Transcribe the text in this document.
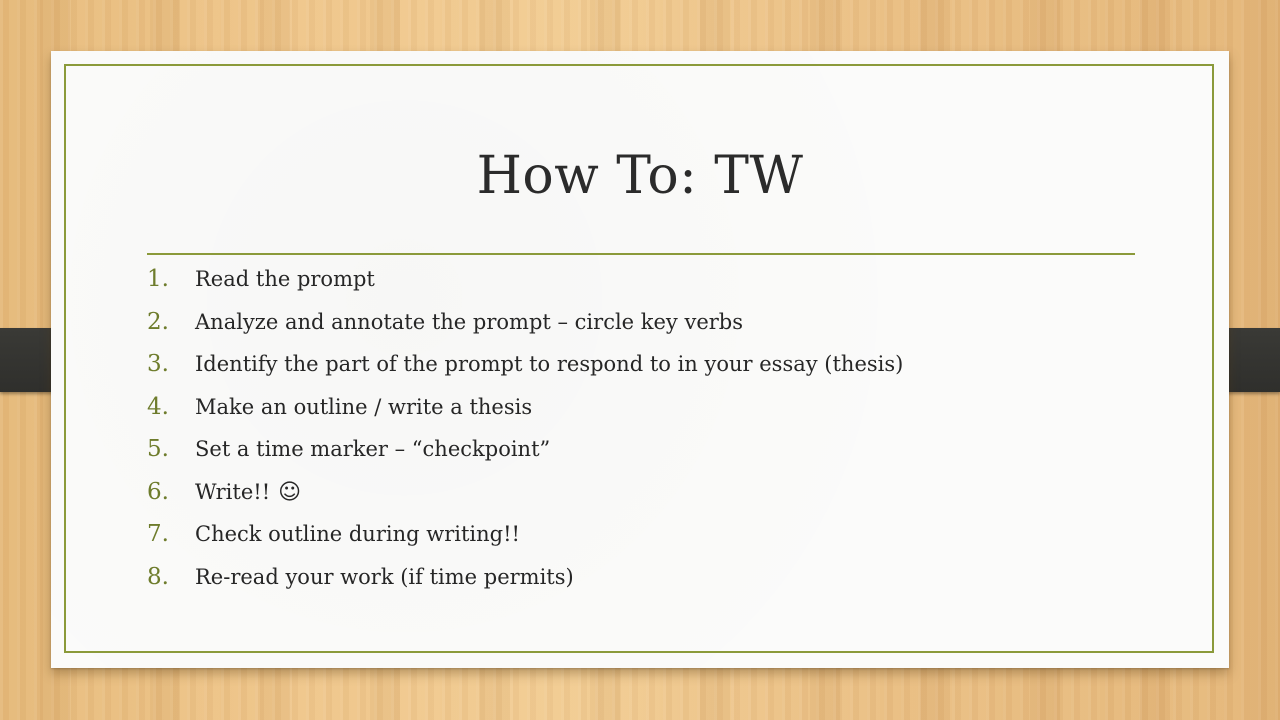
How To: TW
1.	Read the prompt
2.	Analyze and annotate the prompt – circle key verbs
3.	Identify the part of the prompt to respond to in your essay (thesis)
4.	Make an outline / write a thesis
5.	Set a time marker – “checkpoint”
6.	Write!! ☺
7.	Check outline during writing!!
8.	Re-read your work (if time permits)
